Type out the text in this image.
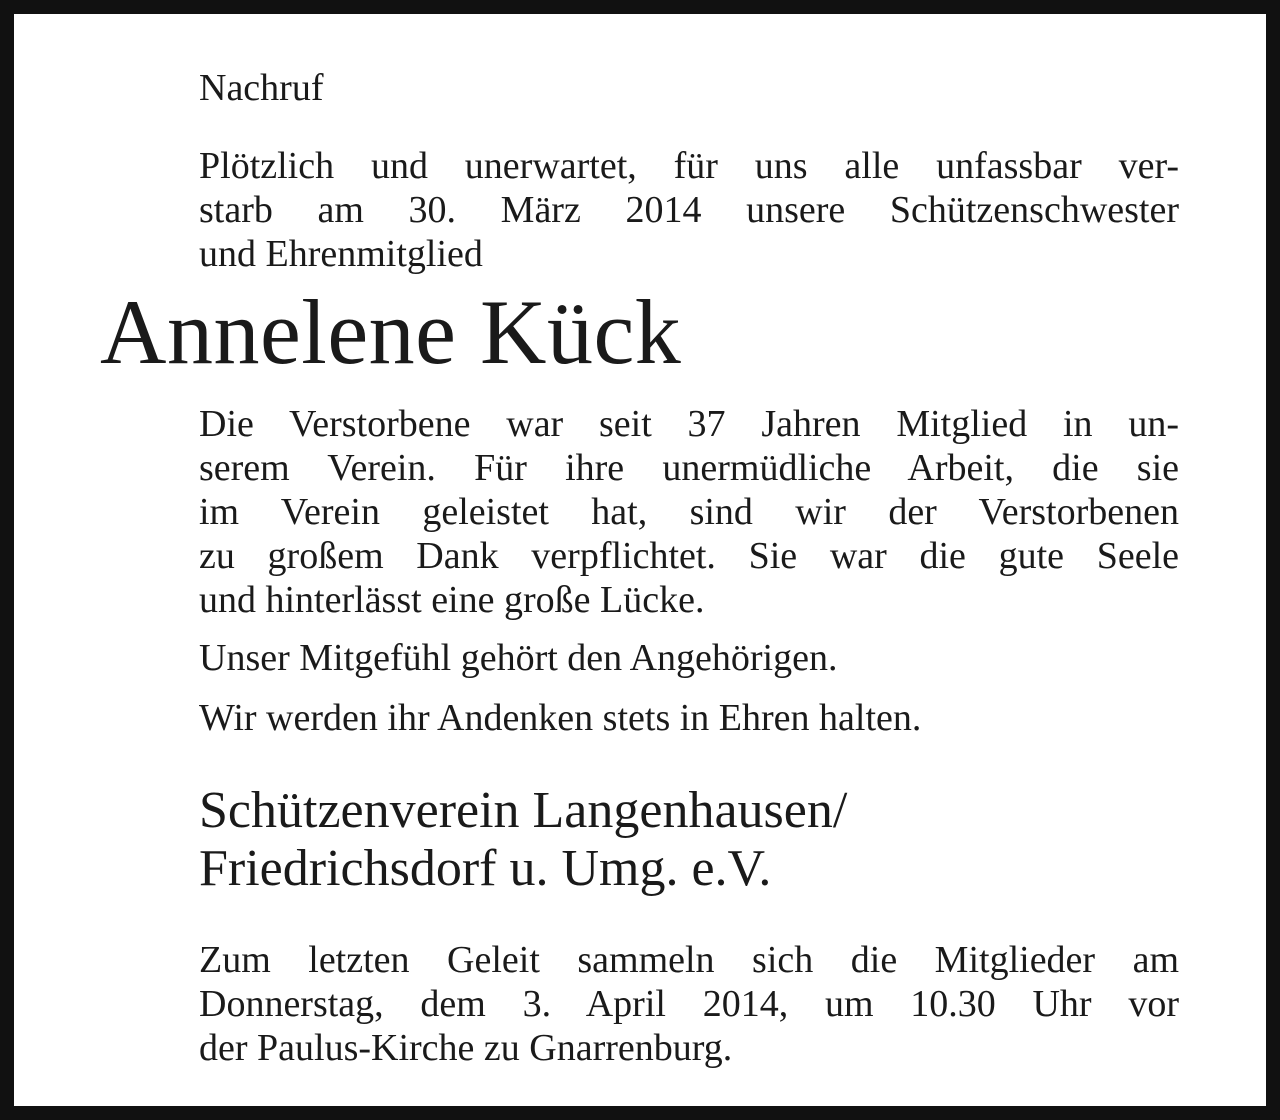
Nachruf

Plötzlich und unerwartet, für uns alle unfassbar ver-
starb am 30. März 2014 unsere Schützenschwester
und Ehrenmitglied

Annelene Kück

Die Verstorbene war seit 37 Jahren Mitglied in un-
serem Verein. Für ihre unermüdliche Arbeit, die sie
im Verein geleistet hat, sind wir der Verstorbenen
zu großem Dank verpflichtet. Sie war die gute Seele
und hinterlässt eine große Lücke.

Unser Mitgefühl gehört den Angehörigen.

Wir werden ihr Andenken stets in Ehren halten.

Schützenverein Langenhausen/
Friedrichsdorf u. Umg. e.V.

Zum letzten Geleit sammeln sich die Mitglieder am
Donnerstag, dem 3. April 2014, um 10.30 Uhr vor
der Paulus-Kirche zu Gnarrenburg.
